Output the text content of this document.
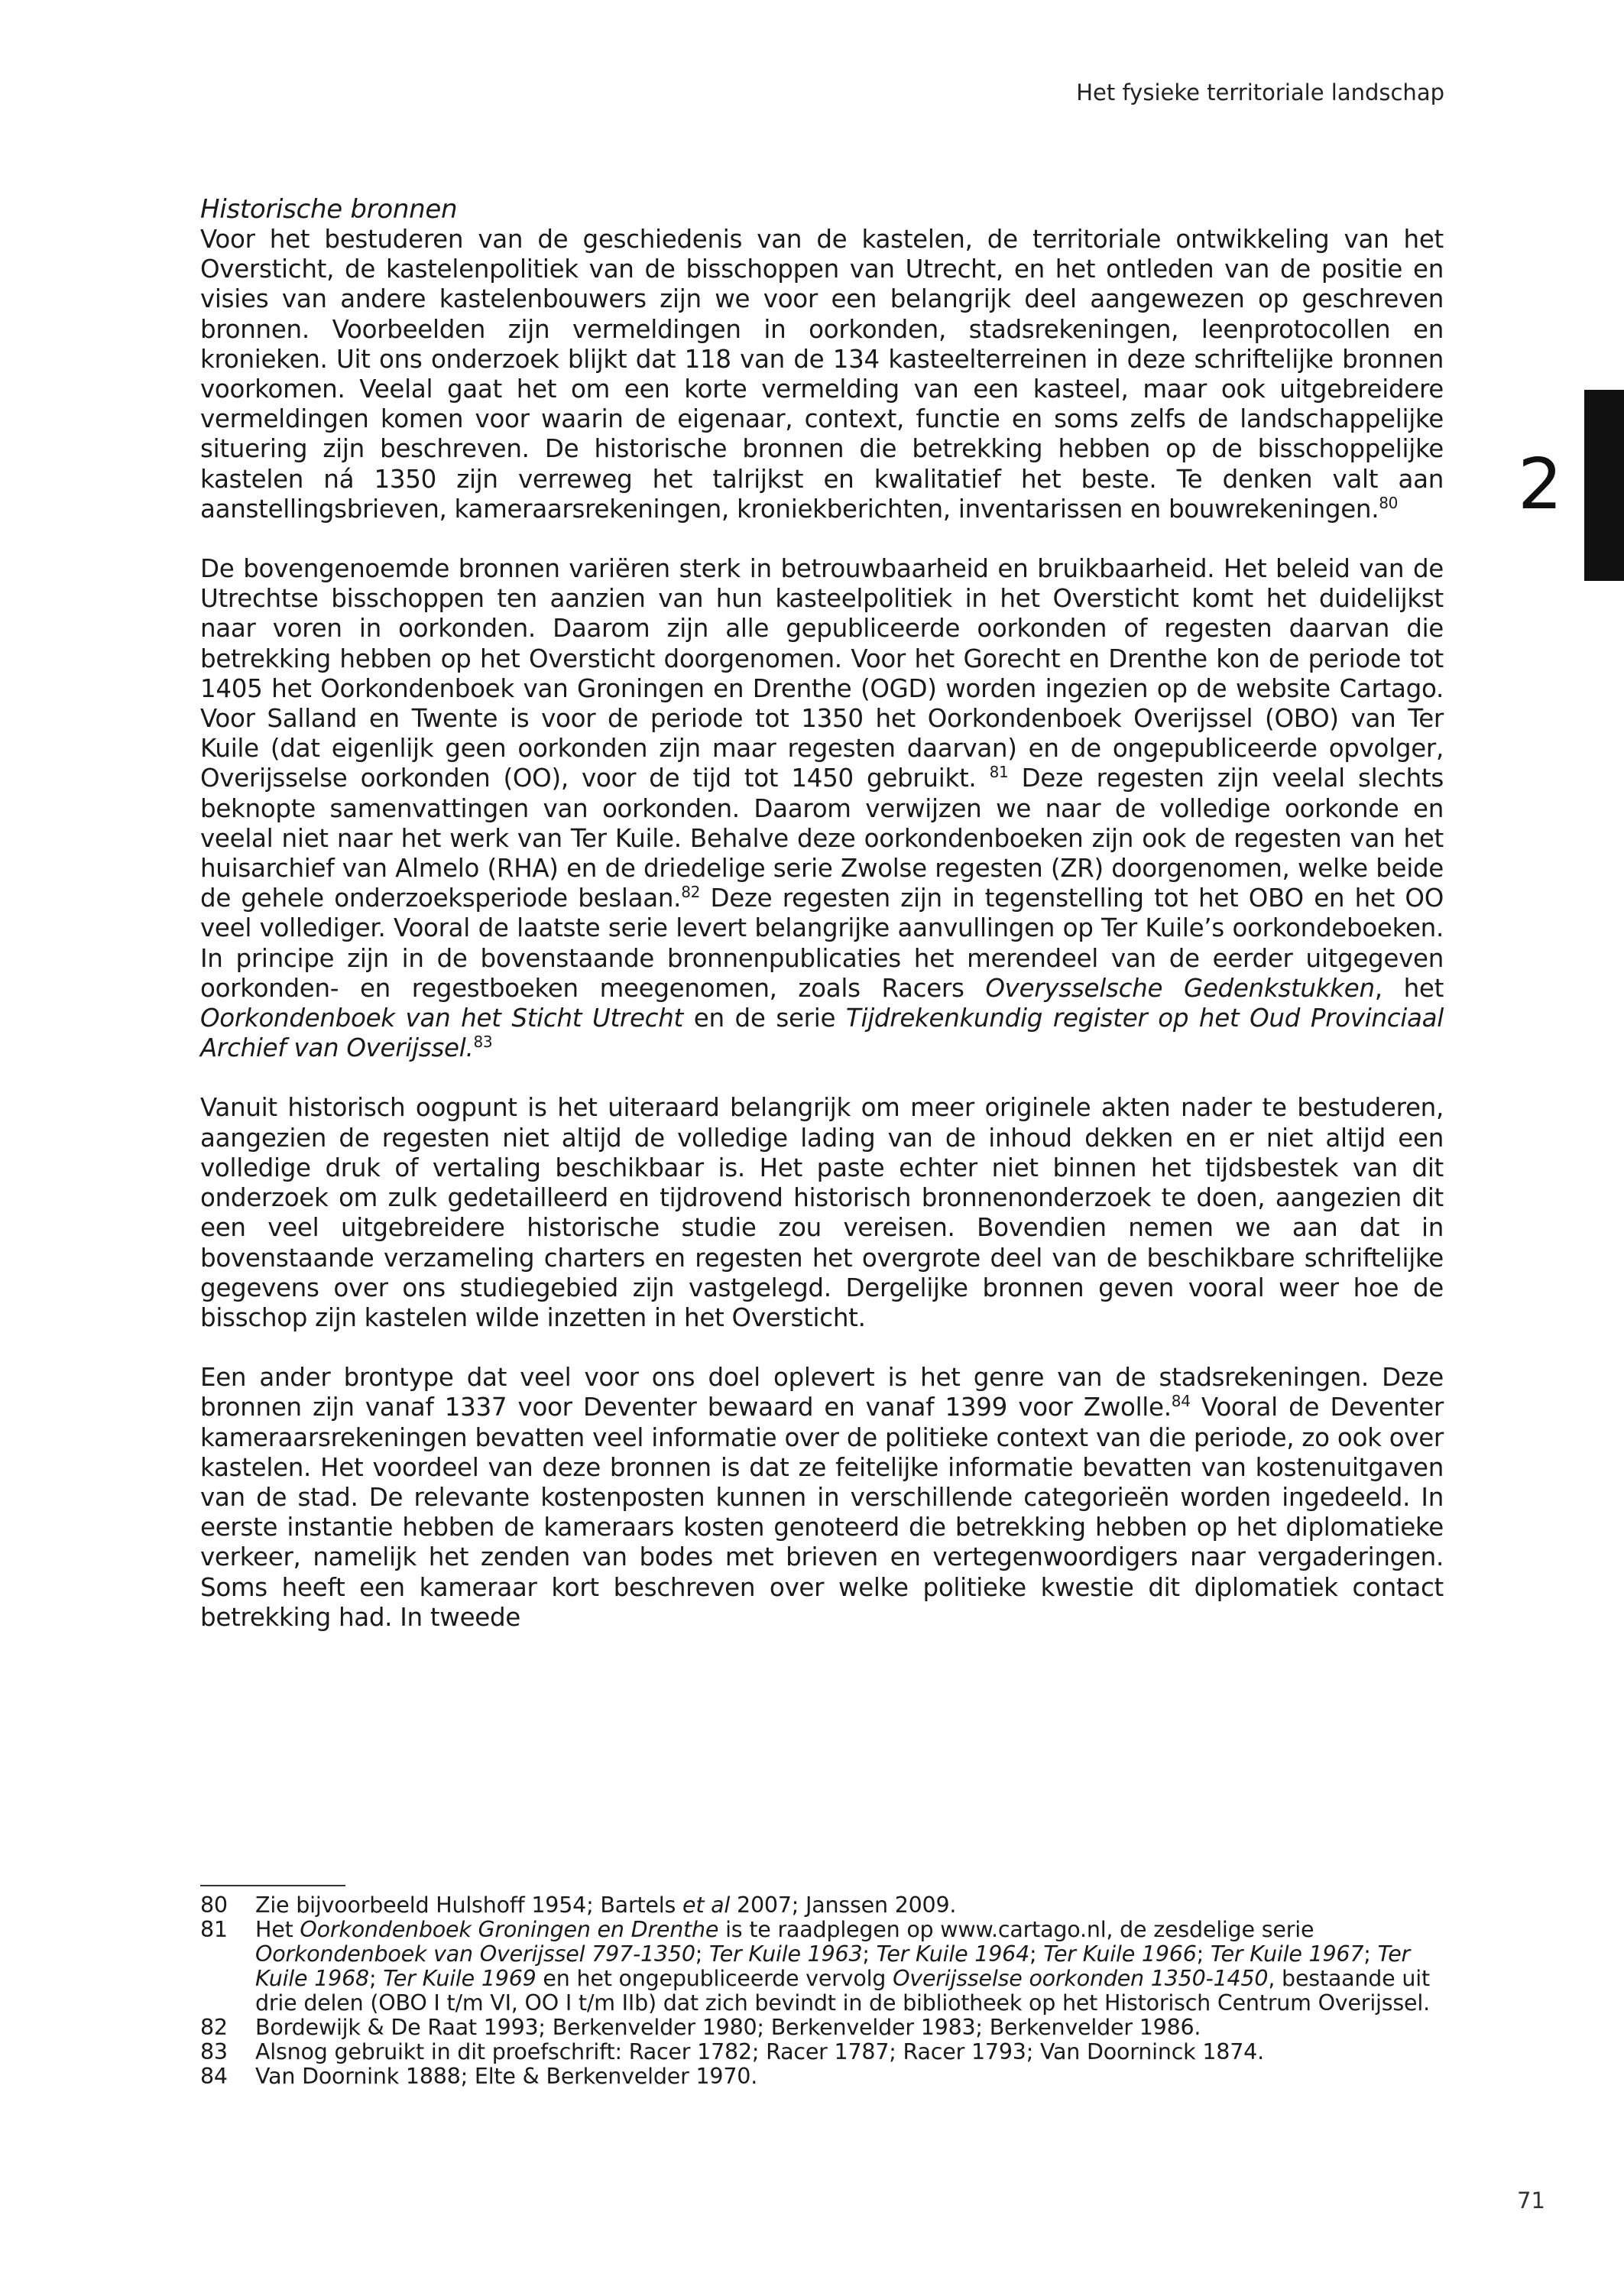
Het fysieke territoriale landschap
2
Historische bronnen

Voor het bestuderen van de geschiedenis van de kastelen, de territoriale ontwikkeling van het Oversticht, de kastelenpolitiek van de bisschoppen van Utrecht, en het ontleden van de positie en visies van andere kastelenbouwers zijn we voor een belangrijk deel aangewezen op geschreven bronnen. Voorbeelden zijn vermeldingen in oorkonden, stadsrekeningen, leenprotocollen en kronieken. Uit ons onderzoek blijkt dat 118 van de 134 kasteelterreinen in deze schriftelijke bronnen voorkomen. Veelal gaat het om een korte vermelding van een kasteel, maar ook uitgebreidere vermeldingen komen voor waarin de eigenaar, context, functie en soms zelfs de landschappelijke situering zijn beschreven. De historische bronnen die betrekking hebben op de bisschoppelijke kastelen ná 1350 zijn verreweg het talrijkst en kwalitatief het beste. Te denken valt aan aanstellingsbrieven, kameraarsrekeningen, kroniekberichten, inventarissen en bouwrekeningen.$^{80}$

De bovengenoemde bronnen variëren sterk in betrouwbaarheid en bruikbaarheid. Het beleid van de Utrechtse bisschoppen ten aanzien van hun kasteelpolitiek in het Oversticht komt het duidelijkst naar voren in oorkonden. Daarom zijn alle gepubliceerde oorkonden of regesten daarvan die betrekking hebben op het Oversticht doorgenomen. Voor het Gorecht en Drenthe kon de periode tot 1405 het Oorkondenboek van Groningen en Drenthe (OGD) worden ingezien op de website Cartago. Voor Salland en Twente is voor de periode tot 1350 het Oorkondenboek Overijssel (OBO) van Ter Kuile (dat eigenlijk geen oorkonden zijn maar regesten daarvan) en de ongepubliceerde opvolger, Overijsselse oorkonden (OO), voor de tijd tot 1450 gebruikt. $^{81}$ Deze regesten zijn veelal slechts beknopte samenvattingen van oorkonden. Daarom verwijzen we naar de volledige oorkonde en veelal niet naar het werk van Ter Kuile. Behalve deze oorkondenboeken zijn ook de regesten van het huisarchief van Almelo (RHA) en de driedelige serie Zwolse regesten (ZR) doorgenomen, welke beide de gehele onderzoeksperiode beslaan.$^{82}$ Deze regesten zijn in tegenstelling tot het OBO en het OO veel vollediger. Vooral de laatste serie levert belangrijke aanvullingen op Ter Kuile’s oorkondeboeken. In principe zijn in de bovenstaande bronnenpublicaties het merendeel van de eerder uitgegeven oorkonden- en regestboeken meegenomen, zoals Racers Overysselsche Gedenkstukken, het Oorkondenboek van het Sticht Utrecht en de serie Tijdrekenkundig register op het Oud Provinciaal Archief van Overijssel.$^{83}$

Vanuit historisch oogpunt is het uiteraard belangrijk om meer originele akten nader te bestuderen, aangezien de regesten niet altijd de volledige lading van de inhoud dekken en er niet altijd een volledige druk of vertaling beschikbaar is. Het paste echter niet binnen het tijdsbestek van dit onderzoek om zulk gedetailleerd en tijdrovend historisch bronnenonderzoek te doen, aangezien dit een veel uitgebreidere historische studie zou vereisen. Bovendien nemen we aan dat in bovenstaande verzameling charters en regesten het overgrote deel van de beschikbare schriftelijke gegevens over ons studiegebied zijn vastgelegd. Dergelijke bronnen geven vooral weer hoe de bisschop zijn kastelen wilde inzetten in het Oversticht.

Een ander brontype dat veel voor ons doel oplevert is het genre van de stadsrekeningen. Deze bronnen zijn vanaf 1337 voor Deventer bewaard en vanaf 1399 voor Zwolle.$^{84}$ Vooral de Deventer kameraarsrekeningen bevatten veel informatie over de politieke context van die periode, zo ook over kastelen. Het voordeel van deze bronnen is dat ze feitelijke informatie bevatten van kostenuitgaven van de stad. De relevante kostenposten kunnen in verschillende categorieën worden ingedeeld. In eerste instantie hebben de kameraars kosten genoteerd die betrekking hebben op het diplomatieke verkeer, namelijk het zenden van bodes met brieven en vertegenwoordigers naar vergaderingen. Soms heeft een kameraar kort beschreven over welke politieke kwestie dit diplomatiek contact betrekking had. In tweede

80 Zie bijvoorbeeld Hulshoff 1954; Bartels et al 2007; Janssen 2009.
81 Het Oorkondenboek Groningen en Drenthe is te raadplegen op www.cartago.nl, de zesdelige serie Oorkondenboek van Overijssel 797-1350; Ter Kuile 1963; Ter Kuile 1964; Ter Kuile 1966; Ter Kuile 1967; Ter Kuile 1968; Ter Kuile 1969 en het ongepubliceerde vervolg Overijsselse oorkonden 1350-1450, bestaande uit drie delen (OBO I t/m VI, OO I t/m IIb) dat zich bevindt in de bibliotheek op het Historisch Centrum Overijssel.
82 Bordewijk & De Raat 1993; Berkenvelder 1980; Berkenvelder 1983; Berkenvelder 1986.
83 Alsnog gebruikt in dit proefschrift: Racer 1782; Racer 1787; Racer 1793; Van Doorninck 1874.
84 Van Doornink 1888; Elte & Berkenvelder 1970.
71
